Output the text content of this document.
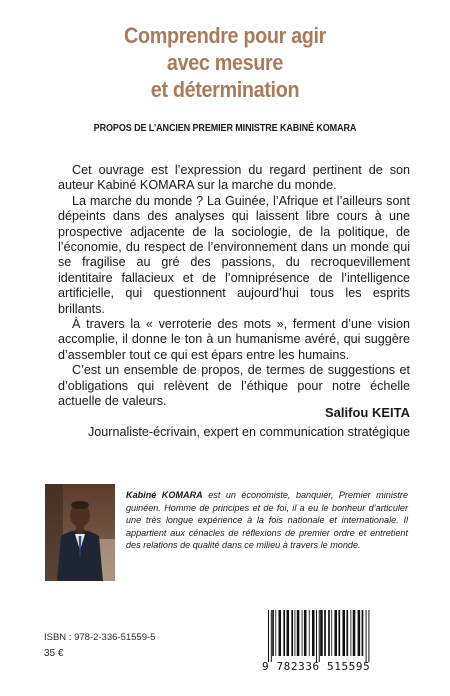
Comprendre pour agir
avec mesure
et détermination
PROPOS DE L’ANCIEN PREMIER MINISTRE KABINÉ KOMARA

Cet ouvrage est l’expression du regard pertinent de son auteur Kabiné KOMARA sur la marche du monde.

La marche du monde ? La Guinée, l’Afrique et l’ailleurs sont dépeints dans des analyses qui laissent libre cours à une prospective adjacente de la sociologie, de la politique, de l’économie, du respect de l’environnement dans un monde qui se fragilise au gré des passions, du recroquevillement identitaire fallacieux et de l’omniprésence de l’intelligence artificielle, qui questionnent aujourd’hui tous les esprits brillants.

À travers la « verroterie des mots », ferment d’une vision accomplie, il donne le ton à un humanisme avéré, qui suggère d’assembler tout ce qui est épars entre les humains.

C’est un ensemble de propos, de termes de suggestions et d’obligations qui relèvent de l’éthique pour notre échelle actuelle de valeurs.

Salifou KEITA
Journaliste-écrivain, expert en communication stratégique
Kabiné KOMARA est un économiste, banquier, Premier ministre guinéen. Homme de principes et de foi, il a eu le bonheur d’articuler une très longue expérience à la fois nationale et internationale. Il appartient aux cénacles de réflexions de premier ordre et entretient des relations de qualité dans ce milieu à travers le monde.
ISBN : 978-2-336-51559-5
35 €
9 782336 515595
